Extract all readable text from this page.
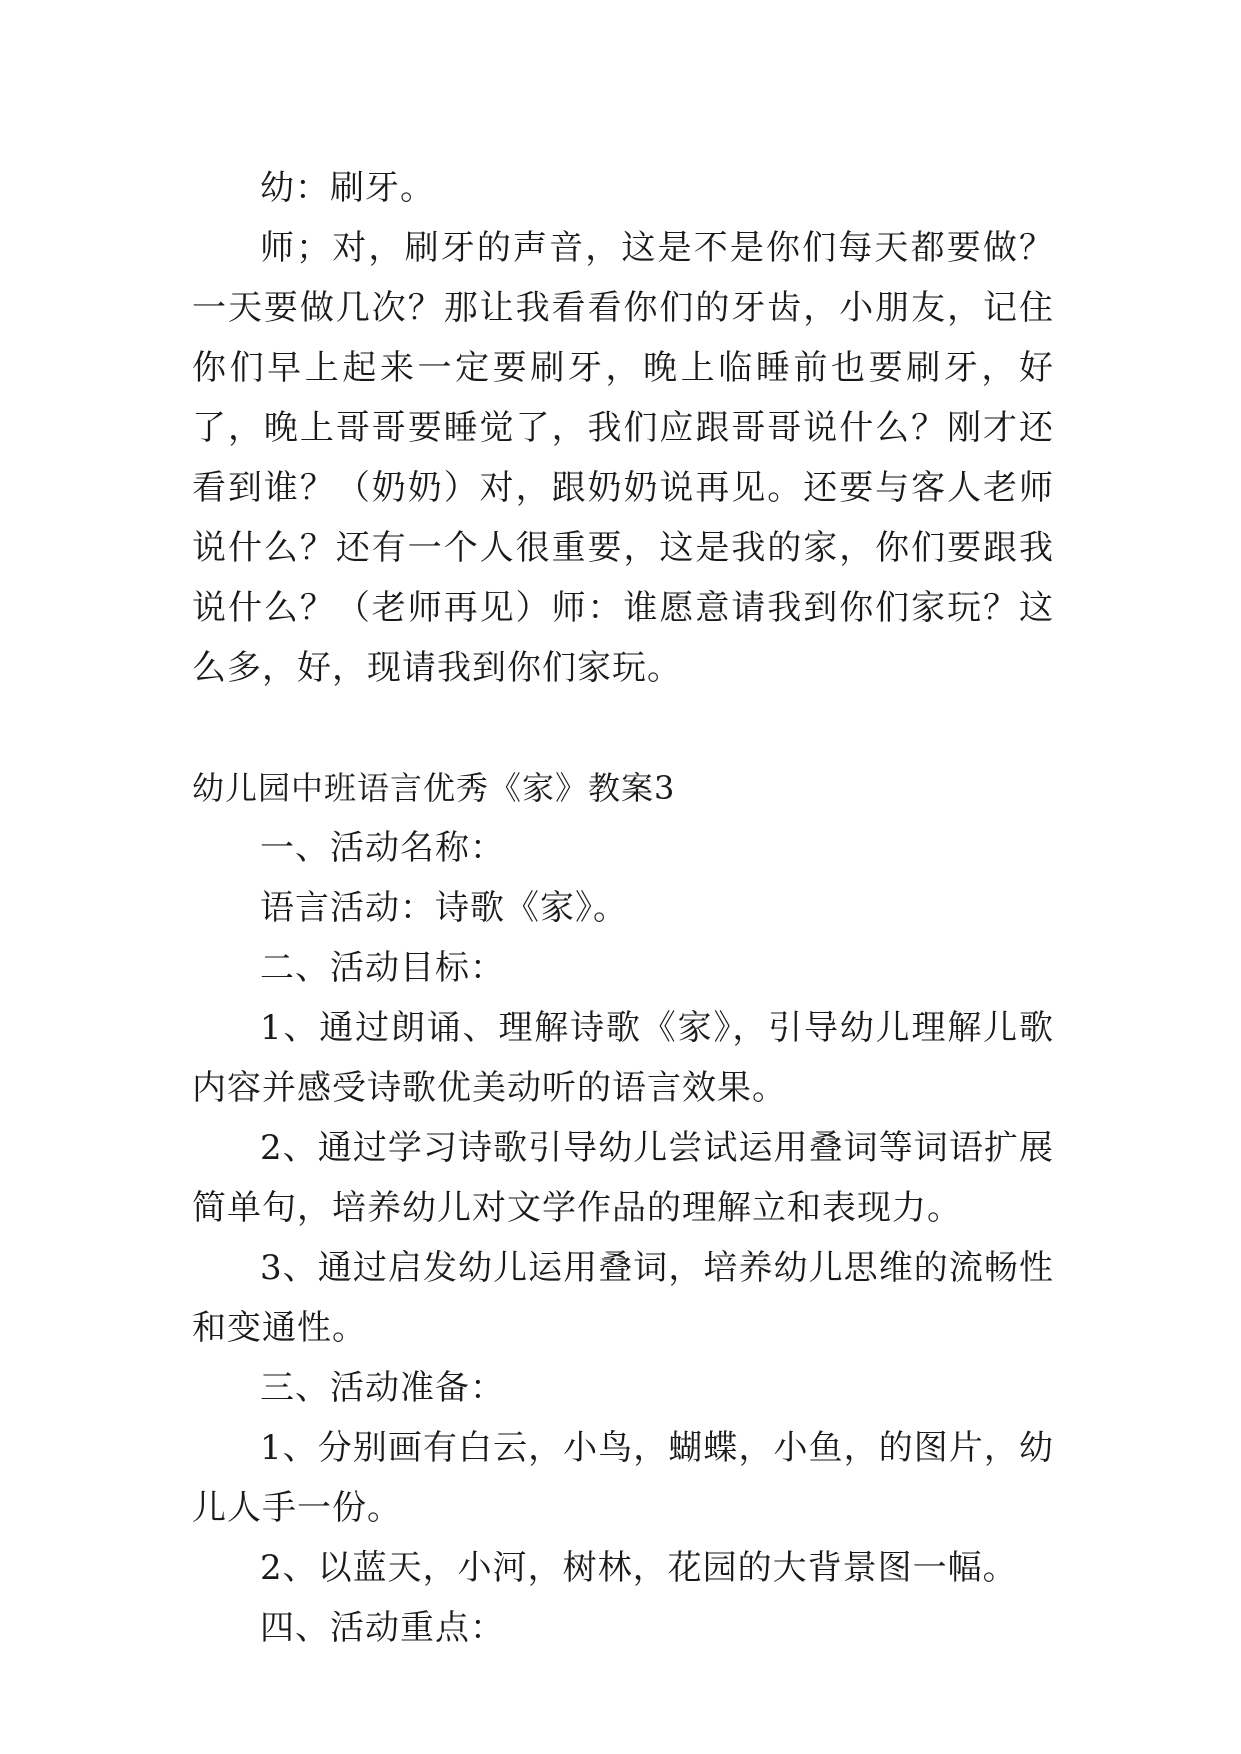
幼：刷牙。

师；对，刷牙的声音，这是不是你们每天都要做？一天要做几次？那让我看看你们的牙齿，小朋友，记住你们早上起来一定要刷牙，晚上临睡前也要刷牙，好了，晚上哥哥要睡觉了，我们应跟哥哥说什么？刚才还看到谁？（奶奶）对，跟奶奶说再见。还要与客人老师说什么？还有一个人很重要，这是我的家，你们要跟我说什么？（老师再见）师：谁愿意请我到你们家玩？这么多，好，现请我到你们家玩。

幼儿园中班语言优秀《家》教案3

一、活动名称：

语言活动：诗歌《家》。

二、活动目标：

1、通过朗诵、理解诗歌《家》，引导幼儿理解儿歌内容并感受诗歌优美动听的语言效果。

2、通过学习诗歌引导幼儿尝试运用叠词等词语扩展简单句，培养幼儿对文学作品的理解立和表现力。

3、通过启发幼儿运用叠词，培养幼儿思维的流畅性和变通性。

三、活动准备：

1、分别画有白云，小鸟，蝴蝶，小鱼，的图片，幼儿人手一份。

2、以蓝天，小河，树林，花园的大背景图一幅。

四、活动重点：
